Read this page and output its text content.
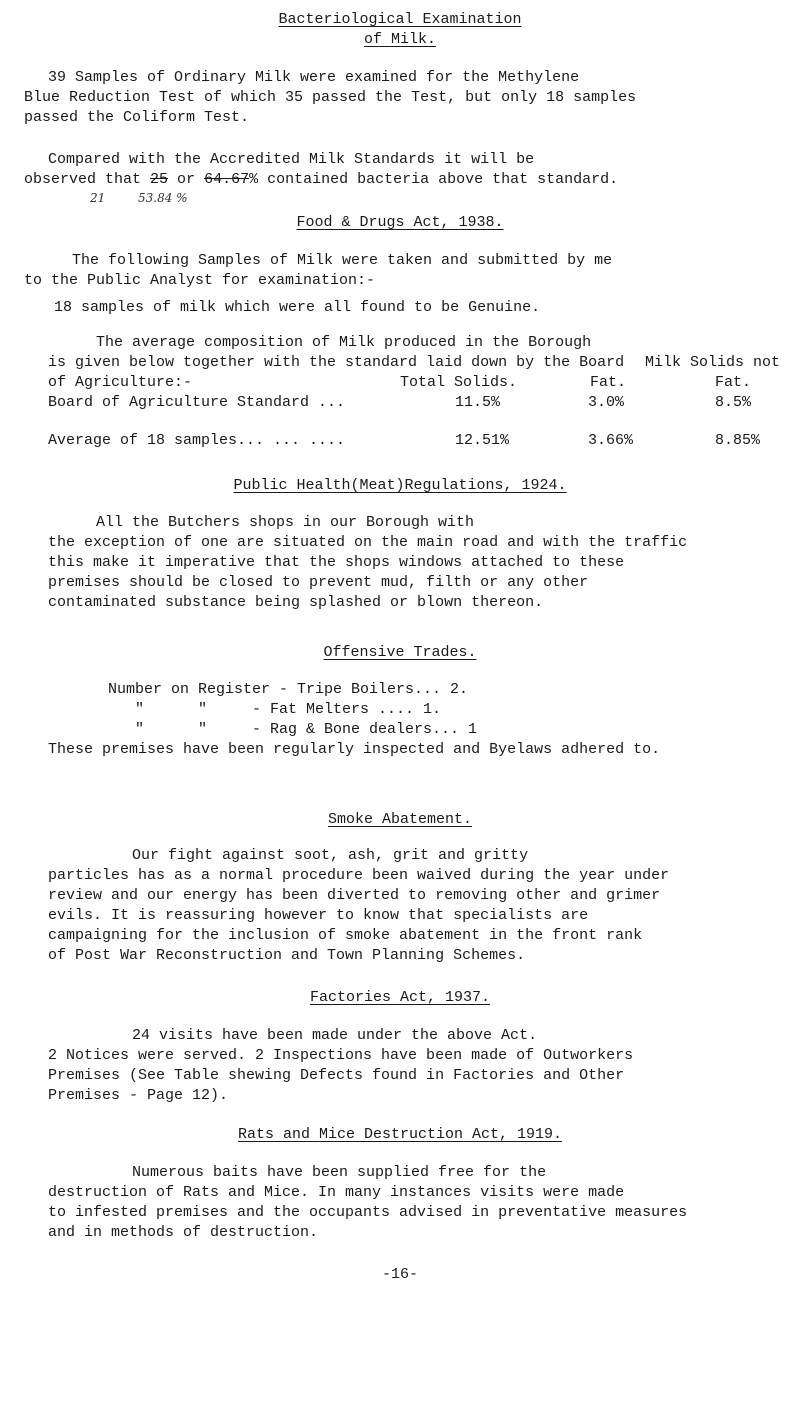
Bacteriological Examination
of Milk.
39 Samples of Ordinary Milk were examined for the Methylene
Blue Reduction Test of which 35 passed the Test, but only 18 samples
passed the Coliform Test.
Compared with the Accredited Milk Standards it will be
observed that 25 or 64.67% contained bacteria above that standard.
21	53.84 %
Food & Drugs Act, 1938.
The following Samples of Milk were taken and submitted by me
to the Public Analyst for examination:-
18 samples of milk which were all found to be Genuine.
The average composition of Milk produced in the Borough
is given below together with the standard laid down by the Board
of Agriculture:-
Milk Solids not
Total Solids.	Fat.	Fat.
Board of Agriculture Standard ...	11.5%	3.0%	8.5%
Average of 18 samples... ... ....	12.51%	3.66%	8.85%
Public Health(Meat)Regulations, 1924.
All the Butchers shops in our Borough with
the exception of one are situated on the main road and with the traffic
this make it imperative that the shops windows attached to these
premises should be closed to prevent mud, filth or any other
contaminated substance being splashed or blown thereon.
Offensive Trades.
Number on Register - Tripe Boilers... 2.
"      "     - Fat Melters .... 1.
"      "     - Rag & Bone dealers... 1
These premises have been regularly inspected and Byelaws adhered to.
Smoke Abatement.
Our fight against soot, ash, grit and gritty
particles has as a normal procedure been waived during the year under
review and our energy has been diverted to removing other and grimer
evils. It is reassuring however to know that specialists are
campaigning for the inclusion of smoke abatement in the front rank
of Post War Reconstruction and Town Planning Schemes.
Factories Act, 1937.
24 visits have been made under the above Act.
2 Notices were served. 2 Inspections have been made of Outworkers
Premises (See Table shewing Defects found in Factories and Other
Premises - Page 12).
Rats and Mice Destruction Act, 1919.
Numerous baits have been supplied free for the
destruction of Rats and Mice. In many instances visits were made
to infested premises and the occupants advised in preventative measures
and in methods of destruction.
-16-
